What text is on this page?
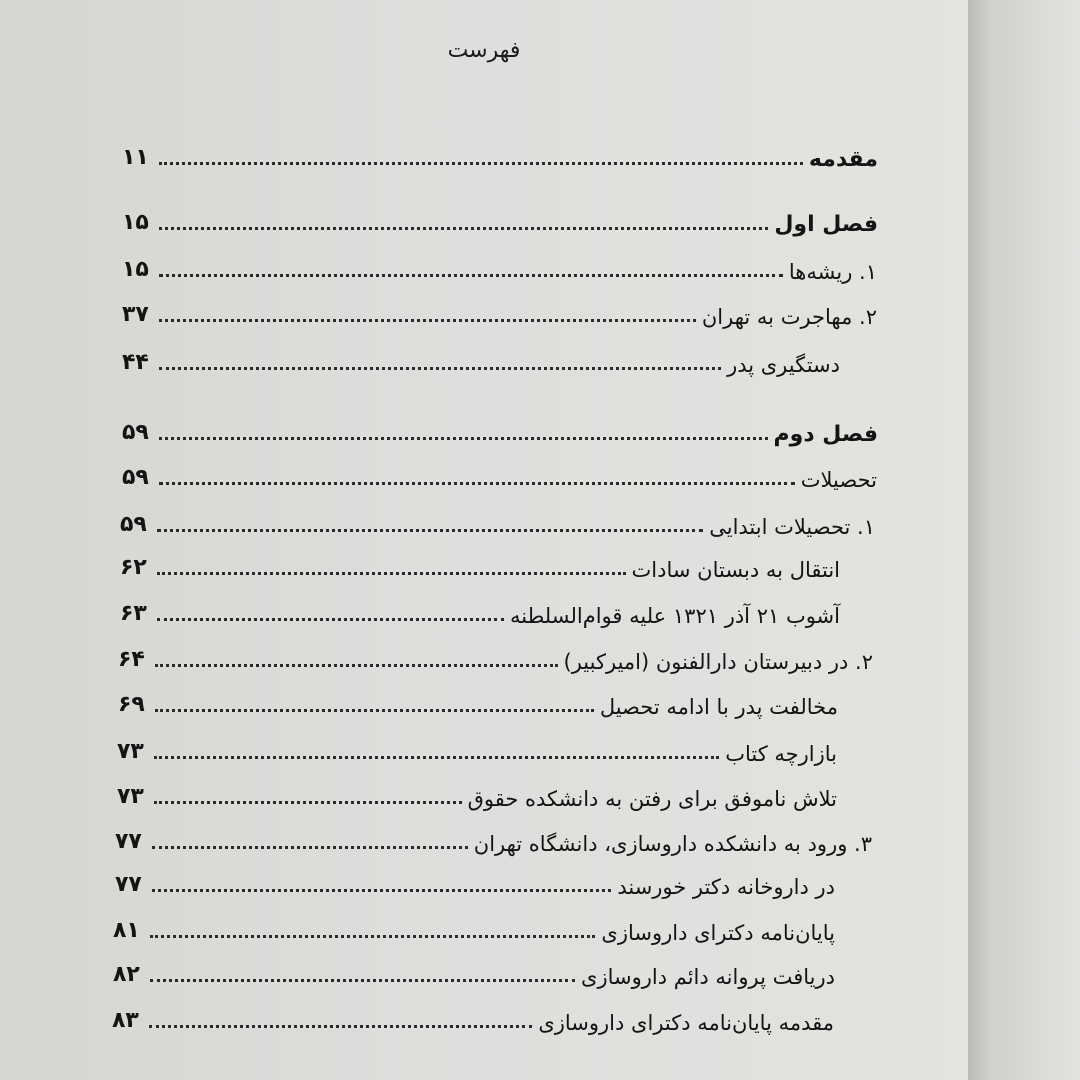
فهرست
۱۱	مقدمه
۱۵	فصل اول
۱۵	۱. ریشه‌ها
۳۷	۲. مهاجرت به تهران
۴۴	دستگیری پدر
۵۹	فصل دوم
۵۹	تحصیلات
۵۹	۱. تحصیلات ابتدایی
۶۲	انتقال به دبستان سادات
۶۳	آشوب ۲۱ آذر ۱۳۲۱ علیه قوام‌السلطنه
۶۴	۲. در دبیرستان دارالفنون (امیرکبیر)
۶۹	مخالفت پدر با ادامه تحصیل
۷۳	بازارچه کتاب
۷۳	تلاش ناموفق برای رفتن به دانشکده حقوق
۷۷	۳. ورود به دانشکده داروسازی، دانشگاه تهران
۷۷	در داروخانه دکتر خورسند
۸۱	پایان‌نامه دکترای داروسازی
۸۲	دریافت پروانه دائم داروسازی
۸۳	مقدمه پایان‌نامه دکترای داروسازی
